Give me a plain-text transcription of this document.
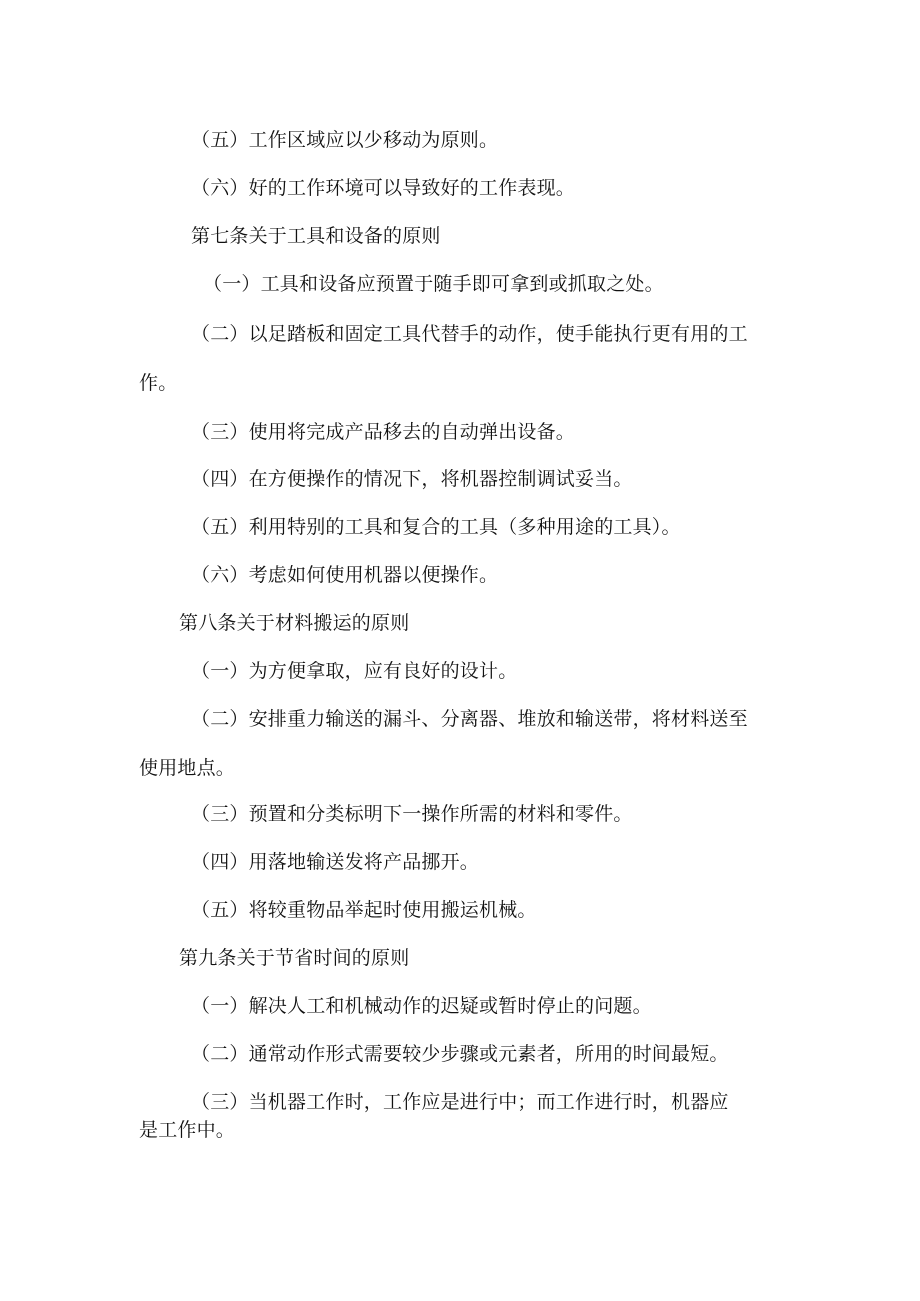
（五）工作区域应以少移动为原则。
（六）好的工作环境可以导致好的工作表现。
第七条关于工具和设备的原则
（一）工具和设备应预置于随手即可拿到或抓取之处。
（二）以足踏板和固定工具代替手的动作，使手能执行更有用的工
作。
（三）使用将完成产品移去的自动弹出设备。
（四）在方便操作的情况下，将机器控制调试妥当。
（五）利用特别的工具和复合的工具（多种用途的工具）。
（六）考虑如何使用机器以便操作。
第八条关于材料搬运的原则
（一）为方便拿取，应有良好的设计。
（二）安排重力输送的漏斗、分离器、堆放和输送带，将材料送至
使用地点。
（三）预置和分类标明下一操作所需的材料和零件。
（四）用落地输送发将产品挪开。
（五）将较重物品举起时使用搬运机械。
第九条关于节省时间的原则
（一）解决人工和机械动作的迟疑或暂时停止的问题。
（二）通常动作形式需要较少步骤或元素者，所用的时间最短。
（三）当机器工作时，工作应是进行中；而工作进行时，机器应
是工作中。
